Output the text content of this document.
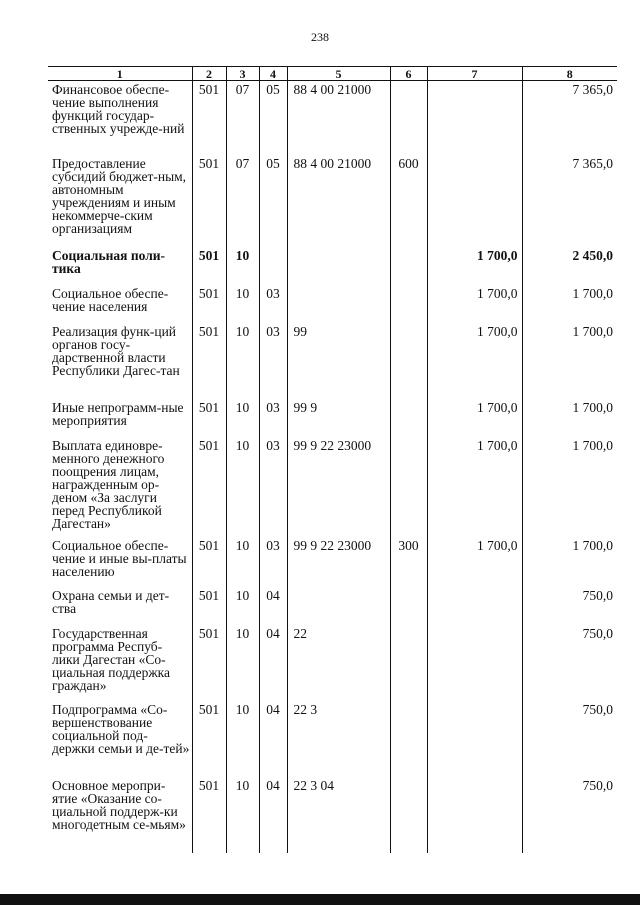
238
1	2	3	4	5	6	7	8
Финансовое обеспе-чение выполнения функций государ-ственных учрежде-ний	501	07	05	88 4 00 21000			7 365,0
Предоставление субсидий бюджет-ным, автономным учреждениям и иным некоммерче-ским организациям	501	07	05	88 4 00 21000	600		7 365,0
Социальная поли-тика	501	10				1 700,0	2 450,0
Социальное обеспе-чение населения	501	10	03			1 700,0	1 700,0
Реализация функ-ций органов госу-дарственной власти Республики Дагес-тан	501	10	03	99		1 700,0	1 700,0
Иные непрограмм-ные мероприятия	501	10	03	99 9		1 700,0	1 700,0
Выплата единовре-менного денежного поощрения лицам, награжденным ор-деном «За заслуги перед Республикой Дагестан»	501	10	03	99 9 22 23000		1 700,0	1 700,0
Социальное обеспе-чение и иные вы-платы населению	501	10	03	99 9 22 23000	300	1 700,0	1 700,0
Охрана семьи и дет-ства	501	10	04				750,0
Государственная программа Респуб-лики Дагестан «Со-циальная поддержка граждан»	501	10	04	22			750,0
Подпрограмма «Со-вершенствование социальной под-держки семьи и де-тей»	501	10	04	22 3			750,0
Основное меропри-ятие «Оказание со-циальной поддерж-ки многодетным се-мьям»	501	10	04	22 3 04			750,0
